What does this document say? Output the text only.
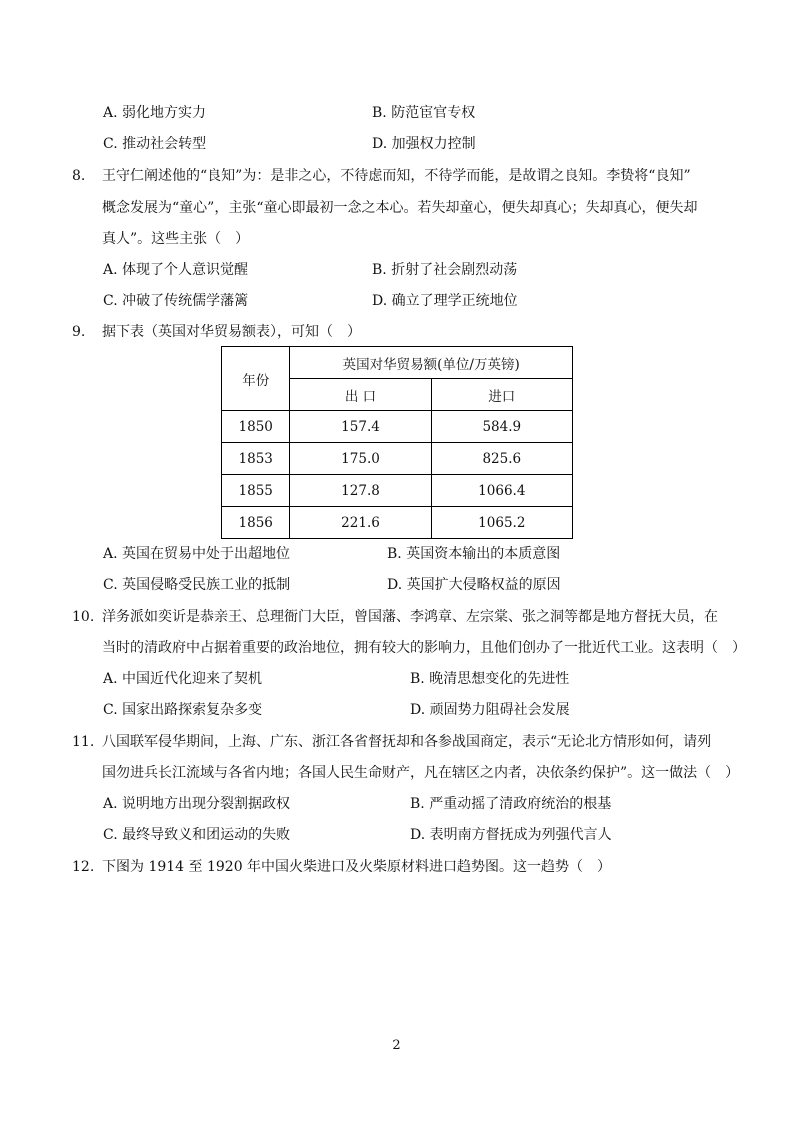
A. 弱化地方实力	B. 防范宦官专权
C. 推动社会转型	D. 加强权力控制
8. 王守仁阐述他的“良知”为：是非之心，不待虑而知，不待学而能，是故谓之良知。李贽将“良知”
概念发展为“童心”，主张“童心即最初一念之本心。若失却童心，便失却真心；失却真心，便失却
真人”。这些主张（　）
A. 体现了个人意识觉醒	B. 折射了社会剧烈动荡
C. 冲破了传统儒学藩篱	D. 确立了理学正统地位
9. 据下表（英国对华贸易额表），可知（　）
年份	英国对华贸易额(单位/万英镑)	
	出 口	进口
1850	157.4	584.9
1853	175.0	825.6
1855	127.8	1066.4
1856	221.6	1065.2
A. 英国在贸易中处于出超地位	B. 英国资本输出的本质意图
C. 英国侵略受民族工业的抵制	D. 英国扩大侵略权益的原因
10. 洋务派如奕䜣是恭亲王、总理衙门大臣，曾国藩、李鸿章、左宗棠、张之洞等都是地方督抚大员，在
当时的清政府中占据着重要的政治地位，拥有较大的影响力，且他们创办了一批近代工业。这表明（　）
A. 中国近代化迎来了契机	B. 晚清思想变化的先进性
C. 国家出路探索复杂多变	D. 顽固势力阻碍社会发展
11. 八国联军侵华期间，上海、广东、浙江各省督抚却和各参战国商定，表示“无论北方情形如何，请列
国勿进兵长江流域与各省内地；各国人民生命财产，凡在辖区之内者，决依条约保护”。这一做法（　）
A. 说明地方出现分裂割据政权	B. 严重动摇了清政府统治的根基
C. 最终导致义和团运动的失败	D. 表明南方督抚成为列强代言人
12. 下图为 1914 至 1920 年中国火柴进口及火柴原材料进口趋势图。这一趋势（　）
2
